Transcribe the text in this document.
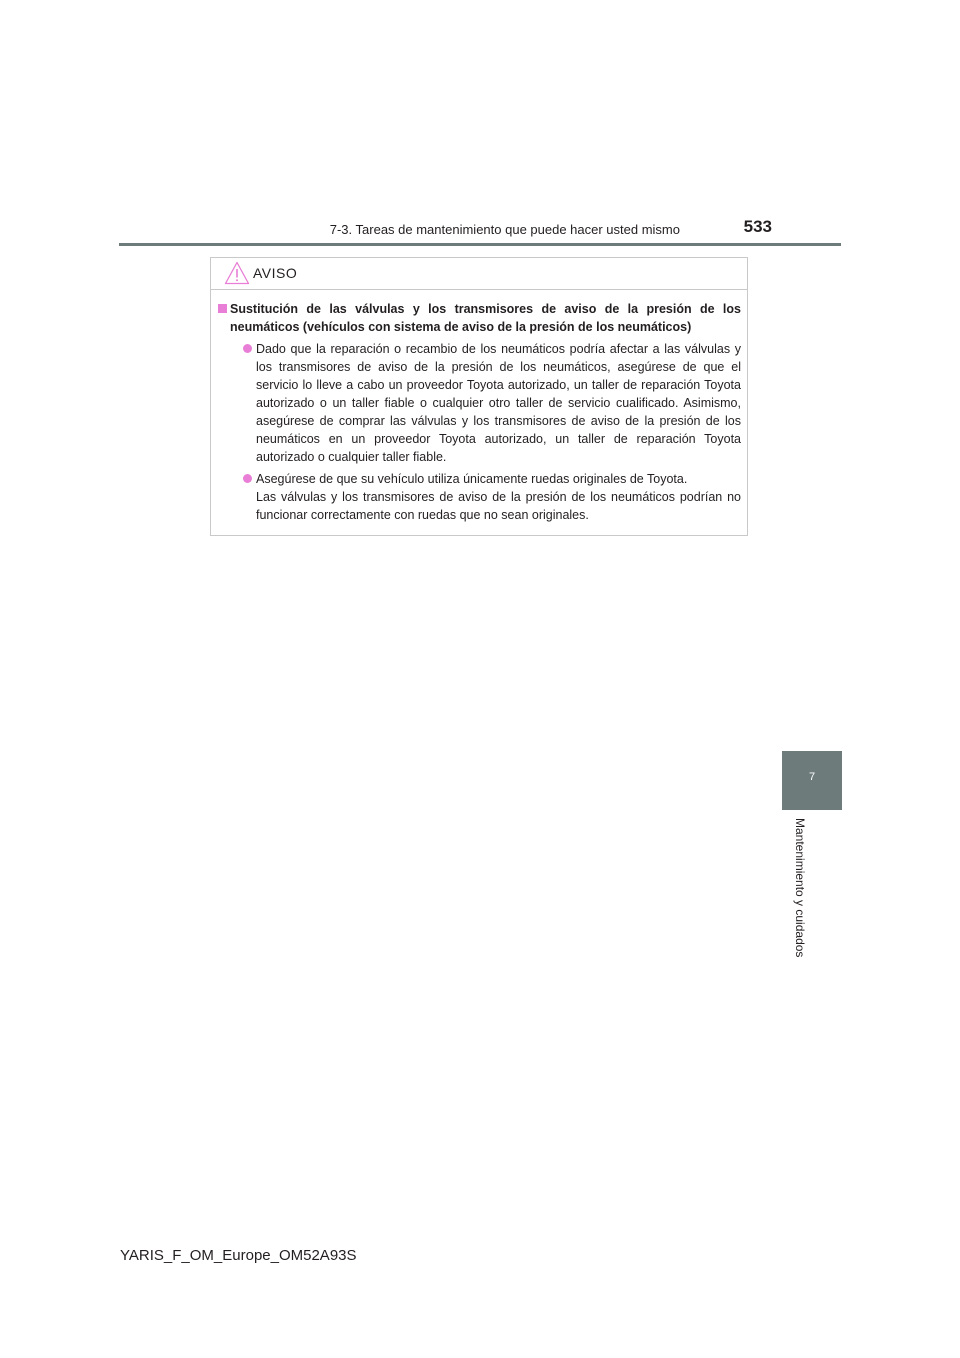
7-3. Tareas de mantenimiento que puede hacer usted mismo	533
7
Mantenimiento y cuidados
AVISO
Sustitución de las válvulas y los transmisores de aviso de la presión de los neumáticos (vehículos con sistema de aviso de la presión de los neumáticos)
Dado que la reparación o recambio de los neumáticos podría afectar a las válvulas y los transmisores de aviso de la presión de los neumáticos, asegúrese de que el servicio lo lleve a cabo un proveedor Toyota autorizado, un taller de reparación Toyota autorizado o un taller fiable o cualquier otro taller de servicio cualificado. Asimismo, asegúrese de comprar las válvulas y los transmisores de aviso de la presión de los neumáticos en un proveedor Toyota autorizado, un taller de reparación Toyota autorizado o cualquier taller fiable.
Asegúrese de que su vehículo utiliza únicamente ruedas originales de Toyota.
Las válvulas y los transmisores de aviso de la presión de los neumáticos podrían no funcionar correctamente con ruedas que no sean originales.
YARIS_F_OM_Europe_OM52A93S
